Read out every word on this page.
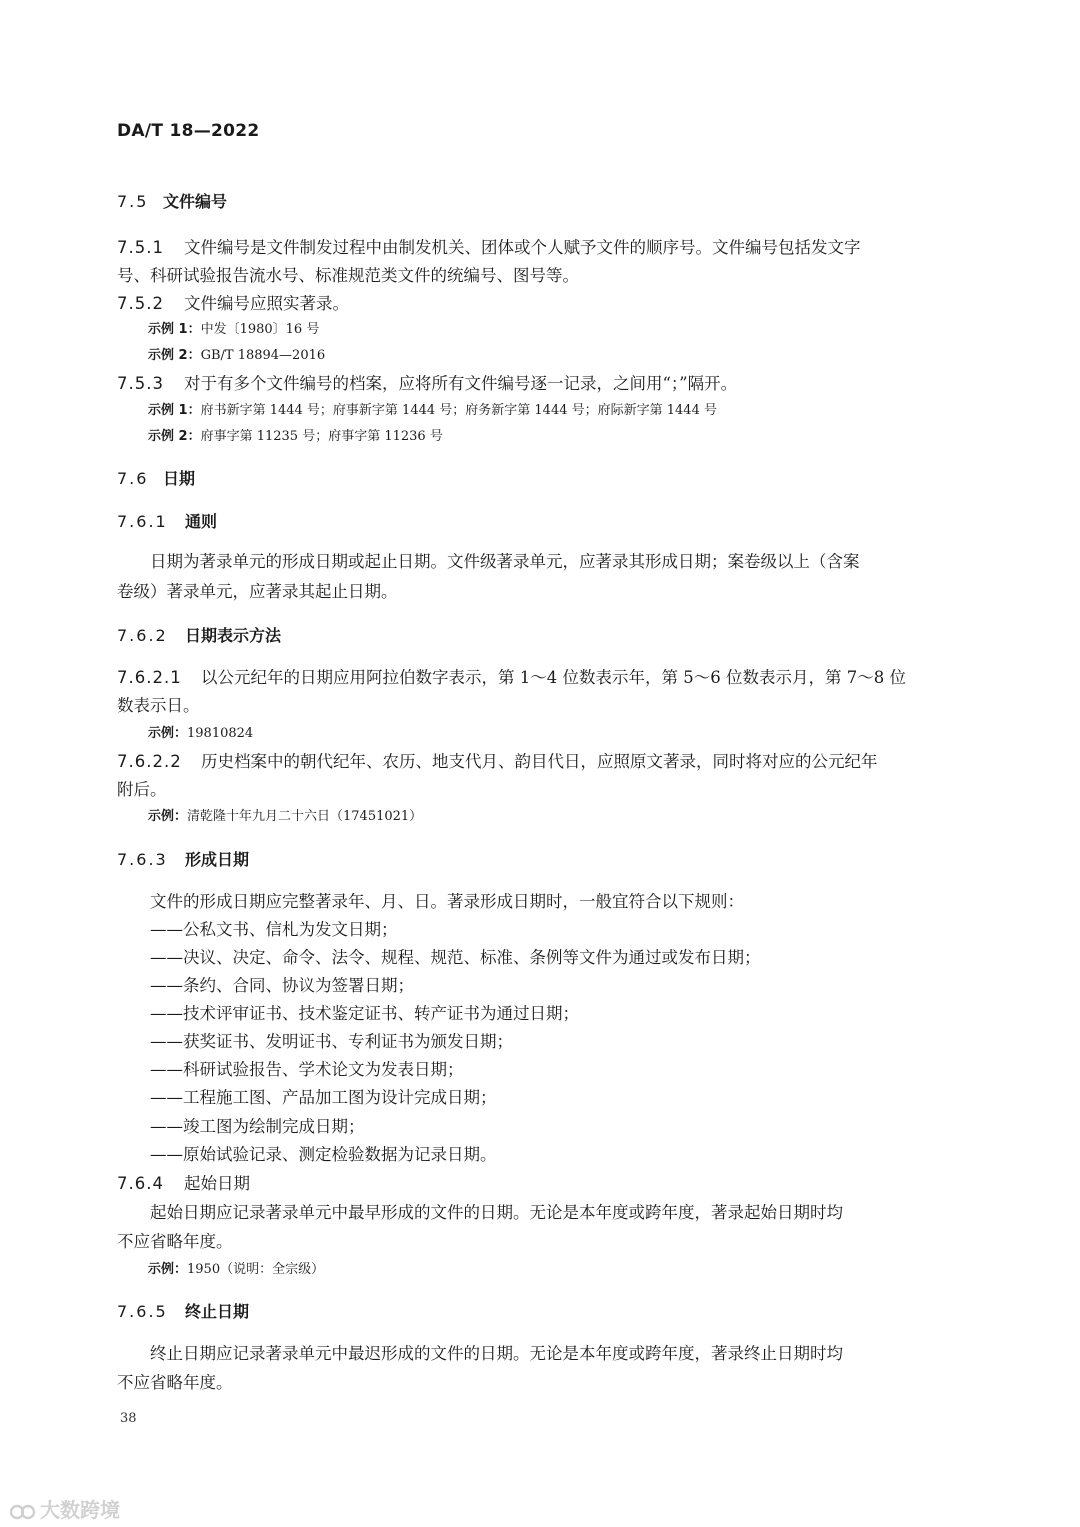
DA/T 18—2022
7.5 文件编号
7.5.1 文件编号是文件制发过程中由制发机关、团体或个人赋予文件的顺序号。文件编号包括发文字
号、科研试验报告流水号、标准规范类文件的统编号、图号等。
7.5.2 文件编号应照实著录。
示例 1：中发〔1980〕16 号
示例 2：GB/T 18894—2016
7.5.3 对于有多个文件编号的档案，应将所有文件编号逐一记录，之间用“；”隔开。
示例 1：府书新字第 1444 号；府事新字第 1444 号；府务新字第 1444 号；府际新字第 1444 号
示例 2：府事字第 11235 号；府事字第 11236 号
7.6 日期
7.6.1 通则
日期为著录单元的形成日期或起止日期。文件级著录单元，应著录其形成日期；案卷级以上（含案
卷级）著录单元，应著录其起止日期。
7.6.2 日期表示方法
7.6.2.1 以公元纪年的日期应用阿拉伯数字表示，第 1～4 位数表示年，第 5～6 位数表示月，第 7～8 位
数表示日。
示例：19810824
7.6.2.2 历史档案中的朝代纪年、农历、地支代月、韵目代日，应照原文著录，同时将对应的公元纪年
附后。
示例：清乾隆十年九月二十六日（17451021）
7.6.3 形成日期
文件的形成日期应完整著录年、月、日。著录形成日期时，一般宜符合以下规则：
——公私文书、信札为发文日期；
——决议、决定、命令、法令、规程、规范、标准、条例等文件为通过或发布日期；
——条约、合同、协议为签署日期；
——技术评审证书、技术鉴定证书、转产证书为通过日期；
——获奖证书、发明证书、专利证书为颁发日期；
——科研试验报告、学术论文为发表日期；
——工程施工图、产品加工图为设计完成日期；
——竣工图为绘制完成日期；
——原始试验记录、测定检验数据为记录日期。
7.6.4 起始日期
起始日期应记录著录单元中最早形成的文件的日期。无论是本年度或跨年度，著录起始日期时均
不应省略年度。
示例：1950（说明：全宗级）
7.6.5 终止日期
终止日期应记录著录单元中最迟形成的文件的日期。无论是本年度或跨年度，著录终止日期时均
不应省略年度。
38
大数跨境
